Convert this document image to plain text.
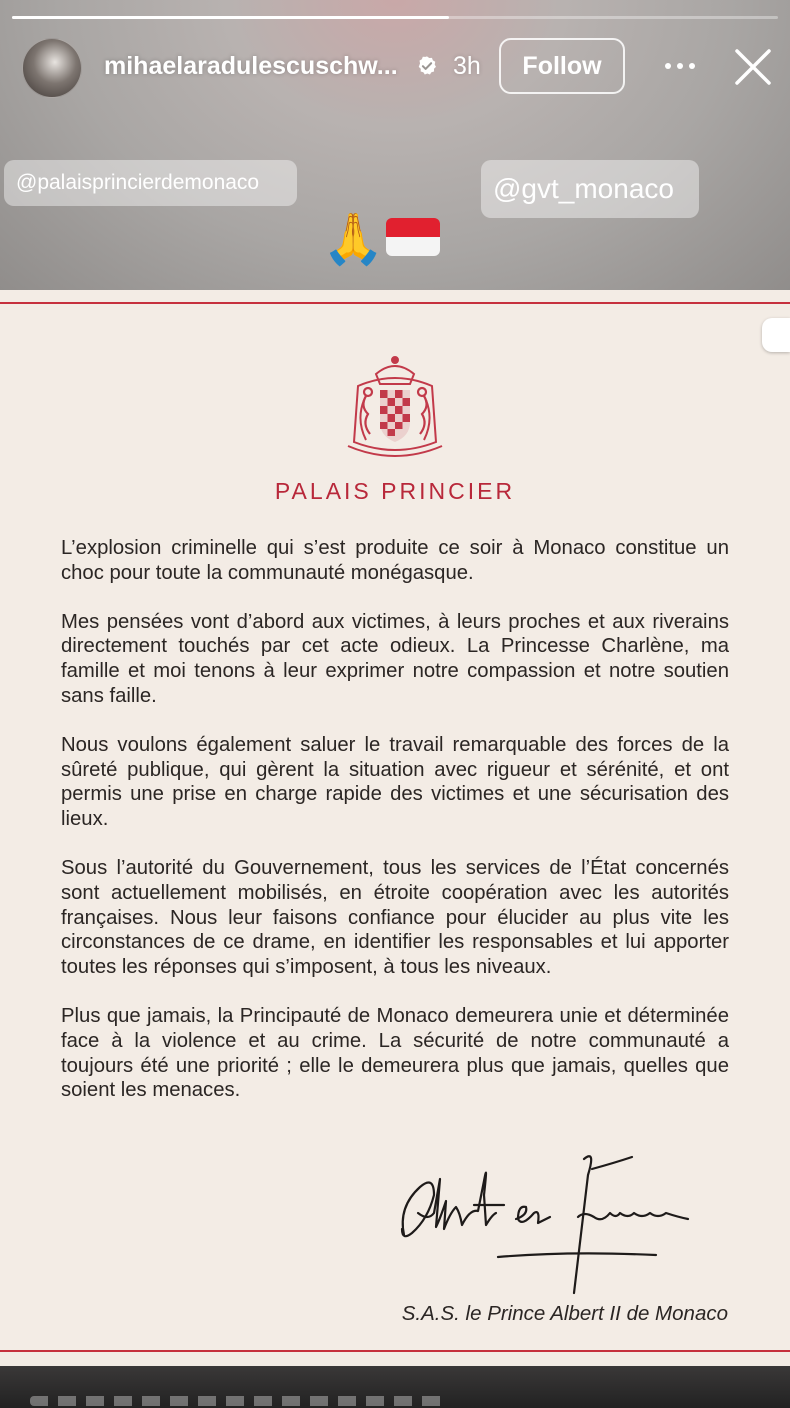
mihaelaradulescuschw... 3h	Follow
@palaisprincierdemonaco	@gvt_monaco
🙏
PALAIS PRINCIER

L’explosion criminelle qui s’est produite ce soir à Monaco constitue un choc pour toute la communauté monégasque.

Mes pensées vont d’abord aux victimes, à leurs proches et aux riverains directement touchés par cet acte odieux. La Princesse Charlène, ma famille et moi tenons à leur exprimer notre compassion et notre soutien sans faille.

Nous voulons également saluer le travail remarquable des forces de la sûreté publique, qui gèrent la situation avec rigueur et sérénité, et ont permis une prise en charge rapide des victimes et une sécurisation des lieux.

Sous l’autorité du Gouvernement, tous les services de l’État concernés sont actuellement mobilisés, en étroite coopération avec les autorités françaises. Nous leur faisons confiance pour élucider au plus vite les circonstances de ce drame, en identifier les responsables et lui apporter toutes les réponses qui s’imposent, à tous les niveaux.

Plus que jamais, la Principauté de Monaco demeurera unie et déterminée face à la violence et au crime. La sécurité de notre communauté a toujours été une priorité ; elle le demeurera plus que jamais, quelles que soient les menaces.

S.A.S. le Prince Albert II de Monaco
